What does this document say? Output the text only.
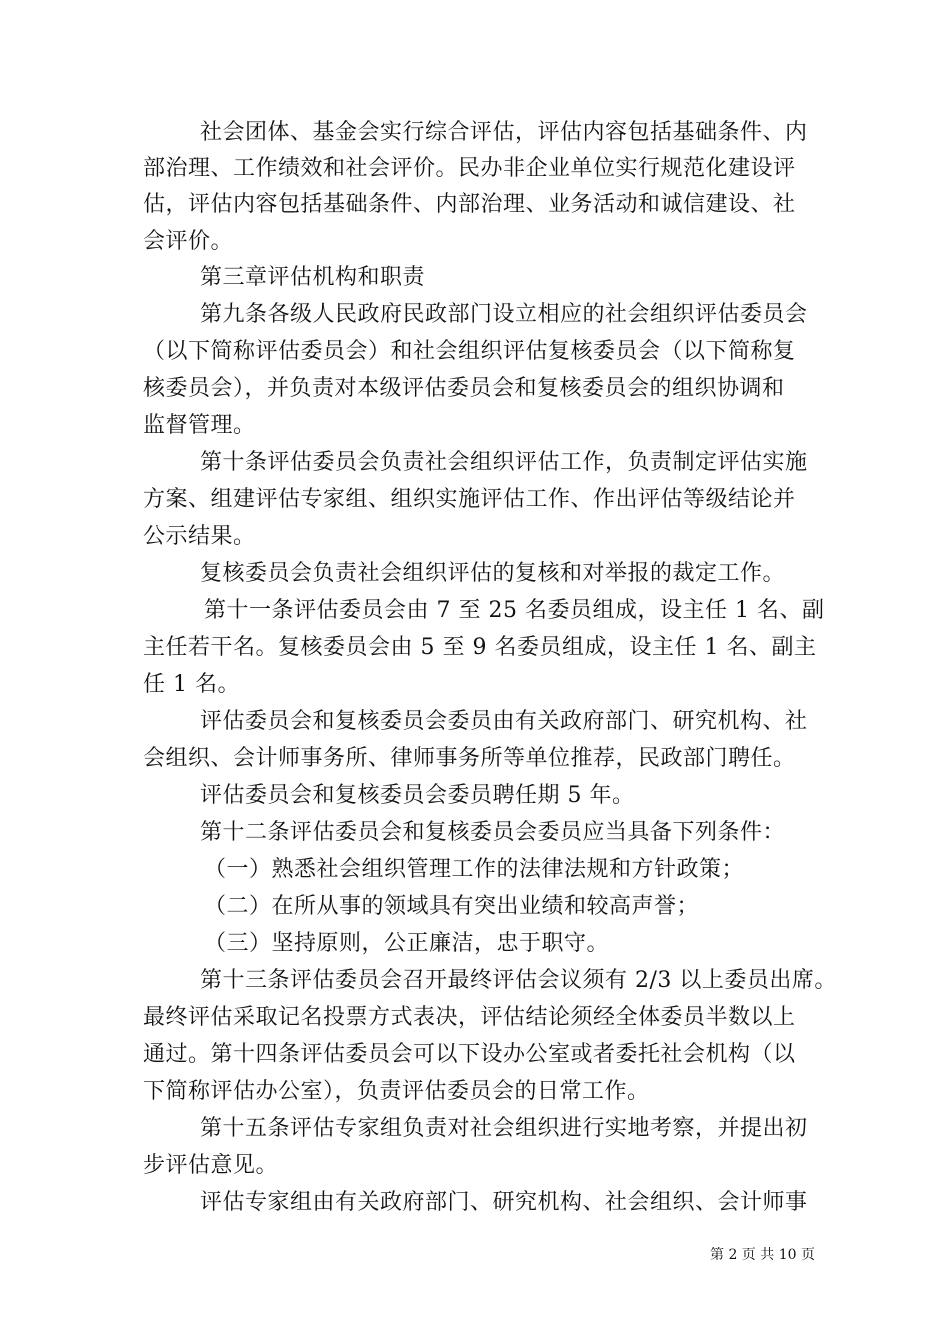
社会团体、基金会实行综合评估，评估内容包括基础条件、内
部治理、工作绩效和社会评价。民办非企业单位实行规范化建设评
估，评估内容包括基础条件、内部治理、业务活动和诚信建设、社
会评价。
第三章评估机构和职责
第九条各级人民政府民政部门设立相应的社会组织评估委员会
（以下简称评估委员会）和社会组织评估复核委员会（以下简称复
核委员会），并负责对本级评估委员会和复核委员会的组织协调和
监督管理。
第十条评估委员会负责社会组织评估工作，负责制定评估实施
方案、组建评估专家组、组织实施评估工作、作出评估等级结论并
公示结果。
复核委员会负责社会组织评估的复核和对举报的裁定工作。
第十一条评估委员会由 7 至 25 名委员组成，设主任 1 名、副
主任若干名。复核委员会由 5 至 9 名委员组成，设主任 1 名、副主
任 1 名。
评估委员会和复核委员会委员由有关政府部门、研究机构、社
会组织、会计师事务所、律师事务所等单位推荐，民政部门聘任。
评估委员会和复核委员会委员聘任期 5 年。
第十二条评估委员会和复核委员会委员应当具备下列条件：
（一）熟悉社会组织管理工作的法律法规和方针政策；
（二）在所从事的领域具有突出业绩和较高声誉；
（三）坚持原则，公正廉洁，忠于职守。
第十三条评估委员会召开最终评估会议须有 2/3 以上委员出席。
最终评估采取记名投票方式表决，评估结论须经全体委员半数以上
通过。第十四条评估委员会可以下设办公室或者委托社会机构（以
下简称评估办公室），负责评估委员会的日常工作。
第十五条评估专家组负责对社会组织进行实地考察，并提出初
步评估意见。
评估专家组由有关政府部门、研究机构、社会组织、会计师事
第 2 页 共 10 页
